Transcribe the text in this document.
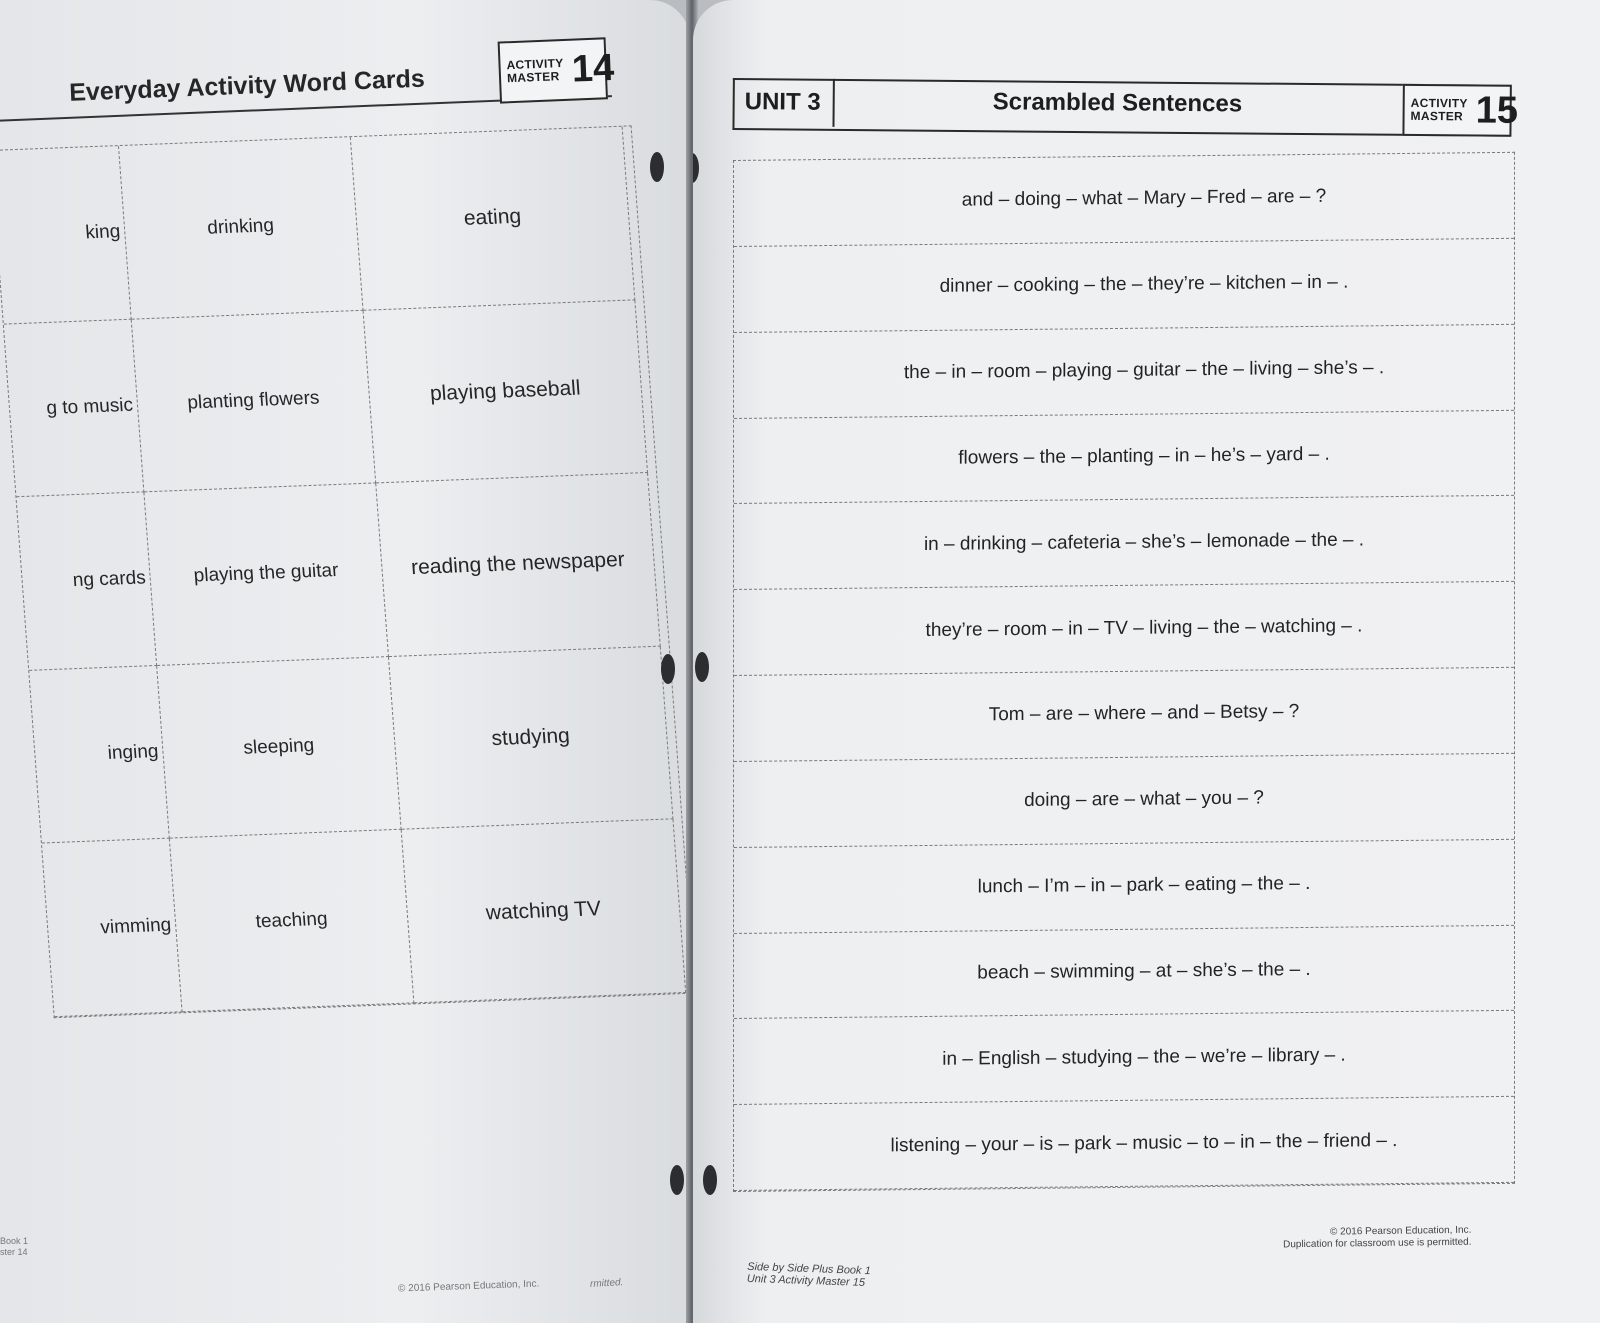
Everyday Activity Word Cards
ACTIVITY
MASTER 14
king	drinking	eating
g to music	planting flowers	playing baseball
ng cards	playing the guitar	reading the newspaper
inging	sleeping	studying
vimming	teaching	watching TV
Book 1
ster 14
© 2016 Pearson Education, Inc.	rmitted.
UNIT 3	Scrambled Sentences	ACTIVITY
MASTER 15
and – doing – what – Mary – Fred – are – ?
dinner – cooking – the – they’re – kitchen – in – .
the – in – room – playing – guitar – the – living – she’s – .
flowers – the – planting – in – he’s – yard – .
in – drinking – cafeteria – she’s – lemonade – the – .
they’re – room – in – TV – living – the – watching – .
Tom – are – where – and – Betsy – ?
doing – are – what – you – ?
lunch – I’m – in – park – eating – the – .
beach – swimming – at – she’s – the – .
in – English – studying – the – we’re – library – .
listening – your – is – park – music – to – in – the – friend – .
Side by Side Plus Book 1
Unit 3 Activity Master 15
© 2016 Pearson Education, Inc.
Duplication for classroom use is permitted.
